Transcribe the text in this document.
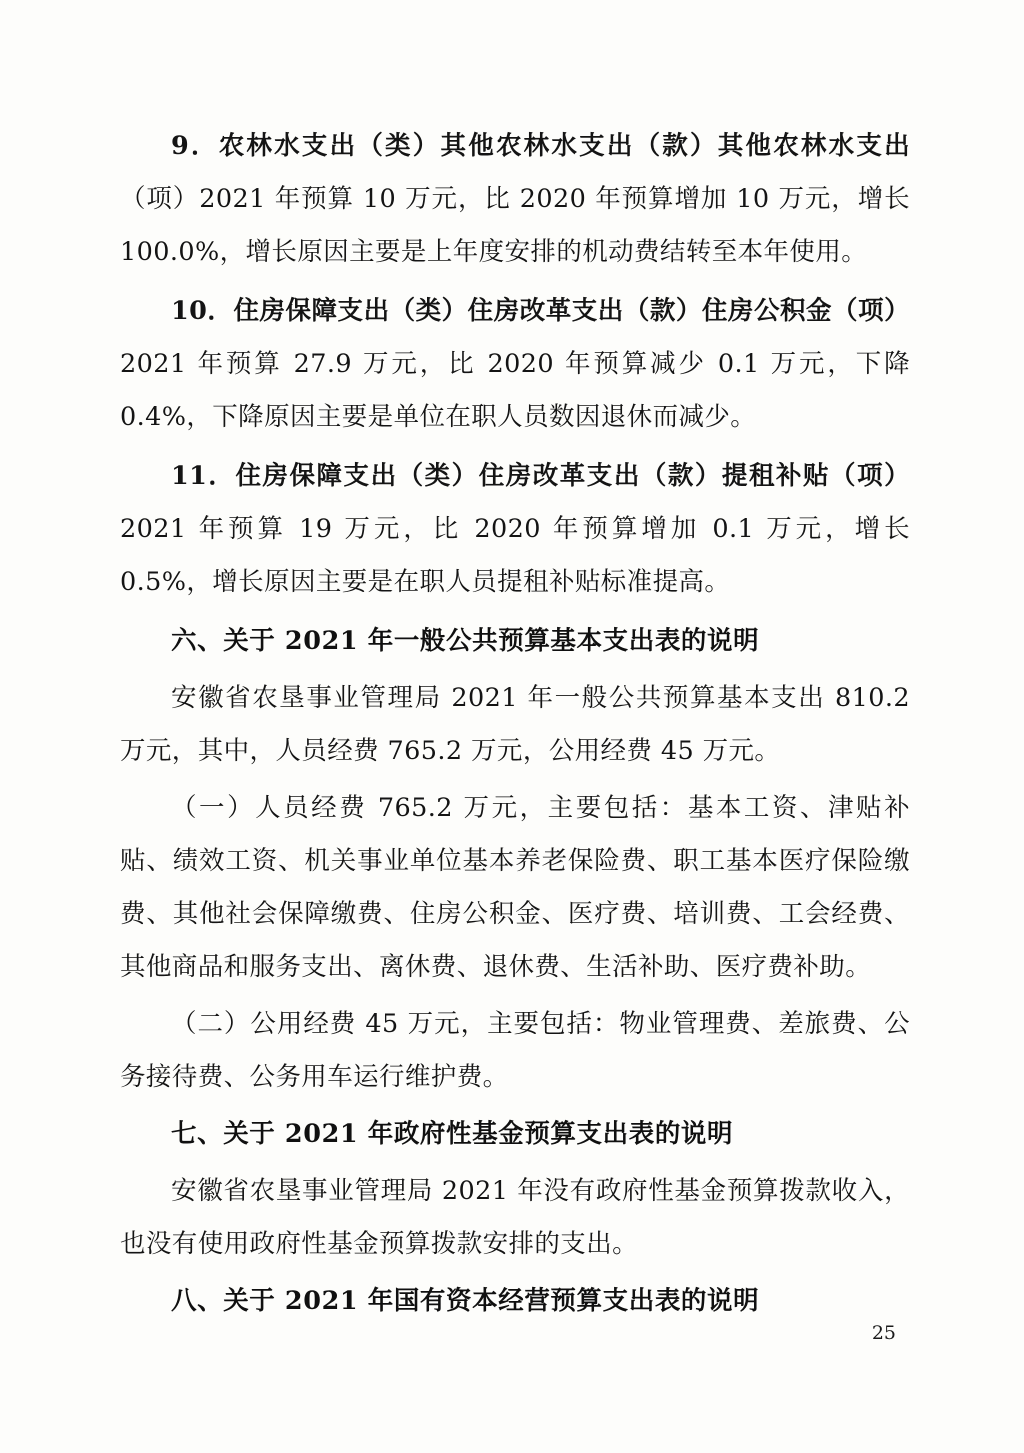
9．农林水支出（类）其他农林水支出（款）其他农林水支出（项）2021 年预算 10 万元，比 2020 年预算增加 10 万元，增长 100.0%，增长原因主要是上年度安排的机动费结转至本年使用。

10．住房保障支出（类）住房改革支出（款）住房公积金（项）2021 年预算 27.9 万元，比 2020 年预算减少 0.1 万元，下降 0.4%，下降原因主要是单位在职人员数因退休而减少。

11．住房保障支出（类）住房改革支出（款）提租补贴（项）2021 年预算 19 万元，比 2020 年预算增加 0.1 万元，增长 0.5%，增长原因主要是在职人员提租补贴标准提高。

六、关于 2021 年一般公共预算基本支出表的说明

安徽省农垦事业管理局 2021 年一般公共预算基本支出 810.2 万元，其中，人员经费 765.2 万元，公用经费 45 万元。

（一）人员经费 765.2 万元，主要包括：基本工资、津贴补贴、绩效工资、机关事业单位基本养老保险费、职工基本医疗保险缴费、其他社会保障缴费、住房公积金、医疗费、培训费、工会经费、其他商品和服务支出、离休费、退休费、生活补助、医疗费补助。

（二）公用经费 45 万元，主要包括：物业管理费、差旅费、公务接待费、公务用车运行维护费。

七、关于 2021 年政府性基金预算支出表的说明

安徽省农垦事业管理局 2021 年没有政府性基金预算拨款收入，也没有使用政府性基金预算拨款安排的支出。

八、关于 2021 年国有资本经营预算支出表的说明

25
